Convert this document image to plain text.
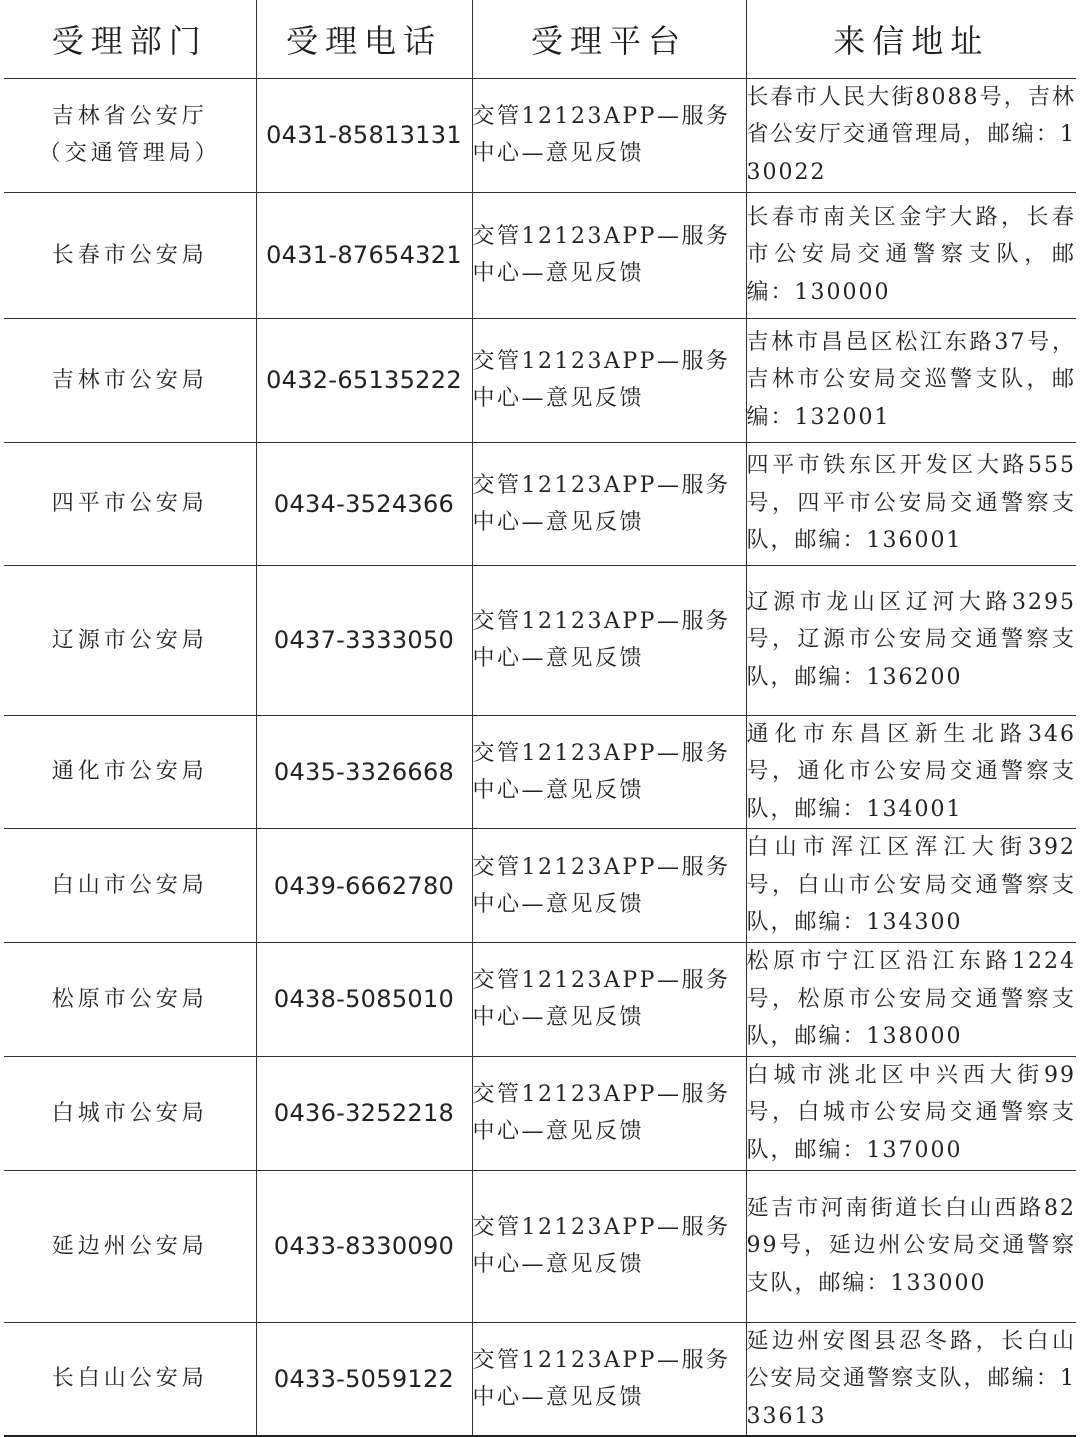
受理部门	受理电话	受理平台	来信地址

吉林省公安厅
（交通管理局）	0431-85813131	交管12123APP—服务中心—意见反馈	长春市人民大街8088号，吉林省公安厅交通管理局，邮编：130022
长春市公安局	0431-87654321	交管12123APP—服务中心—意见反馈	长春市南关区金宇大路，长春市公安局交通警察支队，邮编：130000
吉林市公安局	0432-65135222	交管12123APP—服务中心—意见反馈	吉林市昌邑区松江东路37号，吉林市公安局交巡警支队，邮编：132001
四平市公安局	0434-3524366	交管12123APP—服务中心—意见反馈	四平市铁东区开发区大路555号，四平市公安局交通警察支队，邮编：136001
辽源市公安局	0437-3333050	交管12123APP—服务中心—意见反馈	辽源市龙山区辽河大路3295号，辽源市公安局交通警察支队，邮编：136200
通化市公安局	0435-3326668	交管12123APP—服务中心—意见反馈	通化市东昌区新生北路346号，通化市公安局交通警察支队，邮编：134001
白山市公安局	0439-6662780	交管12123APP—服务中心—意见反馈	白山市浑江区浑江大街392号，白山市公安局交通警察支队，邮编：134300
松原市公安局	0438-5085010	交管12123APP—服务中心—意见反馈	松原市宁江区沿江东路1224号，松原市公安局交通警察支队，邮编：138000
白城市公安局	0436-3252218	交管12123APP—服务中心—意见反馈	白城市洮北区中兴西大街99号，白城市公安局交通警察支队，邮编：137000
延边州公安局	0433-8330090	交管12123APP—服务中心—意见反馈	延吉市河南街道长白山西路8299号，延边州公安局交通警察支队，邮编：133000
长白山公安局	0433-5059122	交管12123APP—服务中心—意见反馈	延边州安图县忍冬路，长白山公安局交通警察支队，邮编：133613
